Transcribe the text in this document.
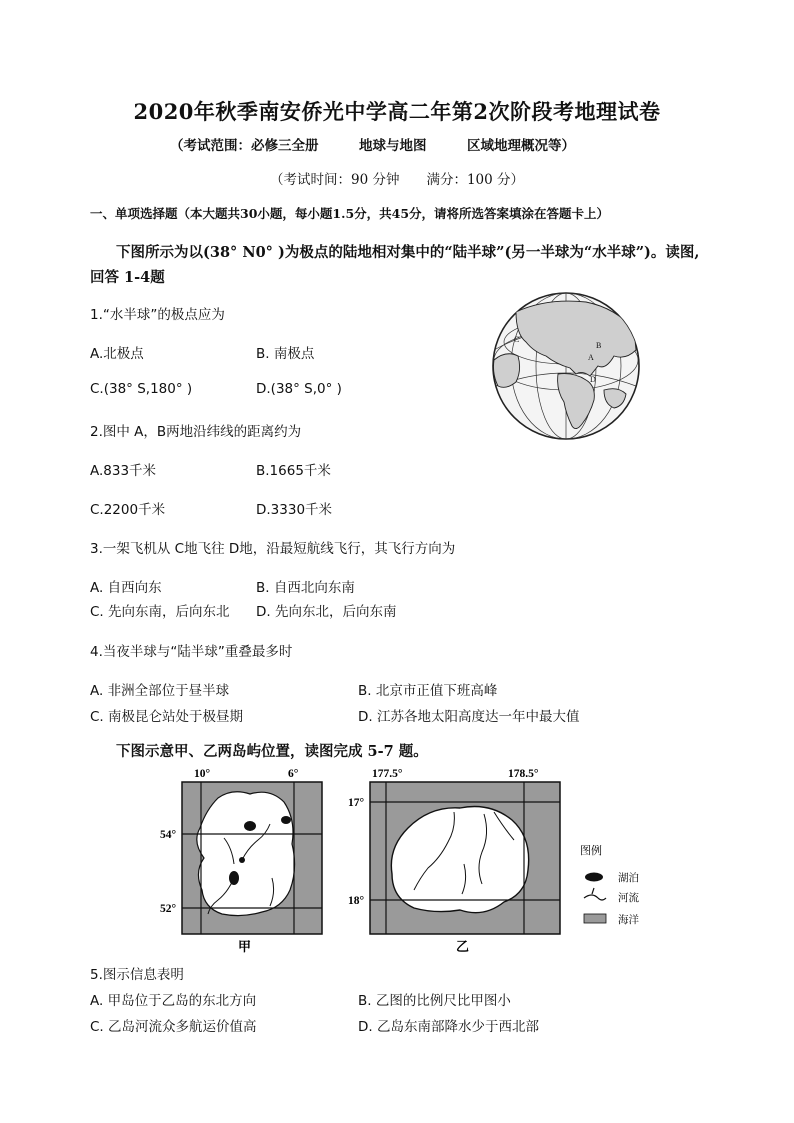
2020年秋季南安侨光中学高二年第2次阶段考地理试卷
（考试范围：必修三全册　　　地球与地图　　　区域地理概况等）
（考试时间：90 分钟　　满分：100 分）
一、单项选择题（本大题共30小题，每小题1.5分，共45分，请将所选答案填涂在答题卡上）
下图所示为以(38° N0° )为极点的陆地相对集中的“陆半球”(另一半球为“水半球”)。读图,回答 1-4题
A
B
C
D
1.“水半球”的极点应为
A.北极点	B. 南极点
C.(38° S,180° )	D.(38° S,0° )
2.图中 A，B两地沿纬线的距离约为
A.833千米	B.1665千米
C.2200千米	D.3330千米
3.一架飞机从 C地飞往 D地，沿最短航线飞行，其飞行方向为
A. 自西向东	B. 自西北向东南
C. 先向东南，后向东北 D. 先向东北，后向东南
4.当夜半球与“陆半球”重叠最多时
A. 非洲全部位于昼半球	B. 北京市正值下班高峰
C. 南极昆仑站处于极昼期	D. 江苏各地太阳高度达一年中最大值
下图示意甲、乙两岛屿位置，读图完成 5-7 题。
10°	6°
54°
52°
甲
177.5°	178.5°
17°
18°
乙
图例
湖泊
河流
海洋
5.图示信息表明
A. 甲岛位于乙岛的东北方向	B. 乙图的比例尺比甲图小
C. 乙岛河流众多航运价值高	D. 乙岛东南部降水少于西北部
